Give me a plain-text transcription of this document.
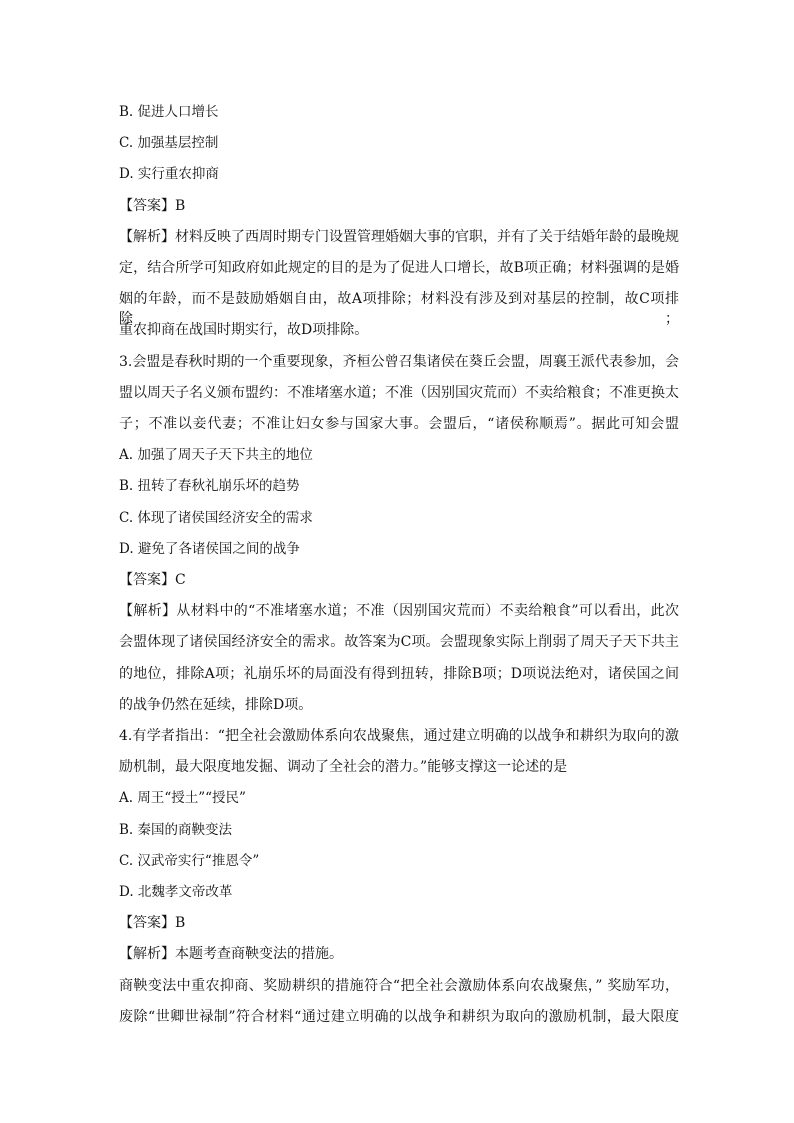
B. 促进人口增长
C. 加强基层控制
D. 实行重农抑商
【答案】B
【解析】材料反映了西周时期专门设置管理婚姻大事的官职，并有了关于结婚年龄的最晚规
定，结合所学可知政府如此规定的目的是为了促进人口增长，故B项正确；材料强调的是婚
姻的年龄，而不是鼓励婚姻自由，故A项排除；材料没有涉及到对基层的控制，故C项排除；
重农抑商在战国时期实行，故D项排除。
3.会盟是春秋时期的一个重要现象，齐桓公曾召集诸侯在葵丘会盟，周襄王派代表参加，会
盟以周天子名义颁布盟约：不准堵塞水道；不准（因别国灾荒而）不卖给粮食；不准更换太
子；不准以妾代妻；不准让妇女参与国家大事。会盟后，“诸侯称顺焉”。据此可知会盟
A. 加强了周天子天下共主的地位
B. 扭转了春秋礼崩乐坏的趋势
C. 体现了诸侯国经济安全的需求
D. 避免了各诸侯国之间的战争
【答案】C
【解析】从材料中的“不准堵塞水道；不准（因别国灾荒而）不卖给粮食”可以看出，此次
会盟体现了诸侯国经济安全的需求。故答案为C项。会盟现象实际上削弱了周天子天下共主
的地位，排除A项；礼崩乐坏的局面没有得到扭转，排除B项；D项说法绝对，诸侯国之间
的战争仍然在延续，排除D项。
4.有学者指出：“把全社会激励体系向农战聚焦，通过建立明确的以战争和耕织为取向的激
励机制，最大限度地发掘、调动了全社会的潜力。”能够支撑这一论述的是
A. 周王“授土”“授民”
B. 秦国的商鞅变法
C. 汉武帝实行“推恩令”
D. 北魏孝文帝改革
【答案】B
【解析】本题考查商鞅变法的措施。
商鞅变法中重农抑商、奖励耕织的措施符合“把全社会激励体系向农战聚焦，” 奖励军功，
废除“世卿世禄制”符合材料“通过建立明确的以战争和耕织为取向的激励机制，最大限度
